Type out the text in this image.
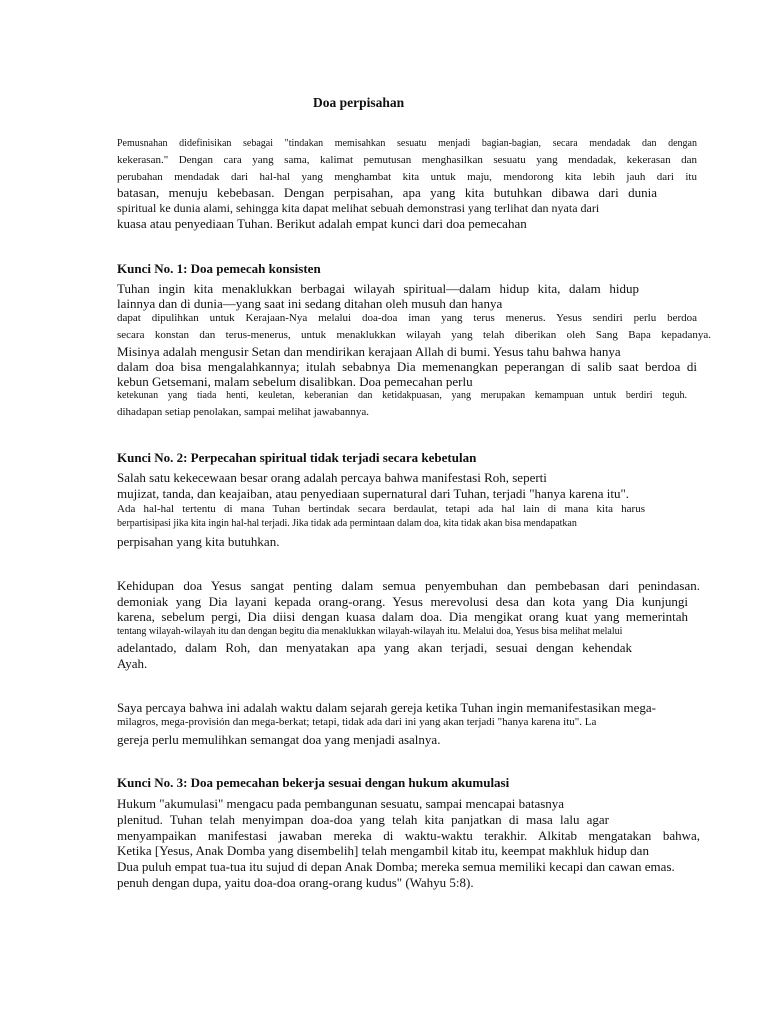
Doa perpisahan
Pemusnahan didefinisikan sebagai "tindakan memisahkan sesuatu menjadi bagian-bagian, secara mendadak dan dengan
kekerasan." Dengan cara yang sama, kalimat pemutusan menghasilkan sesuatu yang mendadak, kekerasan dan
perubahan mendadak dari hal-hal yang menghambat kita untuk maju, mendorong kita lebih jauh dari itu
batasan, menuju kebebasan. Dengan perpisahan, apa yang kita butuhkan dibawa dari dunia
spiritual ke dunia alami, sehingga kita dapat melihat sebuah demonstrasi yang terlihat dan nyata dari
kuasa atau penyediaan Tuhan. Berikut adalah empat kunci dari doa pemecahan
Kunci No. 1: Doa pemecah konsisten
Tuhan ingin kita menaklukkan berbagai wilayah spiritual—dalam hidup kita, dalam hidup
lainnya dan di dunia—yang saat ini sedang ditahan oleh musuh dan hanya
dapat dipulihkan untuk Kerajaan-Nya melalui doa-doa iman yang terus menerus. Yesus sendiri perlu berdoa
secara konstan dan terus-menerus, untuk menaklukkan wilayah yang telah diberikan oleh Sang Bapa kepadanya.
Misinya adalah mengusir Setan dan mendirikan kerajaan Allah di bumi. Yesus tahu bahwa hanya
dalam doa bisa mengalahkannya; itulah sebabnya Dia memenangkan peperangan di salib saat berdoa di
kebun Getsemani, malam sebelum disalibkan. Doa pemecahan perlu
ketekunan yang tiada henti, keuletan, keberanian dan ketidakpuasan, yang merupakan kemampuan untuk berdiri teguh.
dihadapan setiap penolakan, sampai melihat jawabannya.
Kunci No. 2: Perpecahan spiritual tidak terjadi secara kebetulan
Salah satu kekecewaan besar orang adalah percaya bahwa manifestasi Roh, seperti
mujizat, tanda, dan keajaiban, atau penyediaan supernatural dari Tuhan, terjadi "hanya karena itu".
Ada hal-hal tertentu di mana Tuhan bertindak secara berdaulat, tetapi ada hal lain di mana kita harus
berpartisipasi jika kita ingin hal-hal terjadi. Jika tidak ada permintaan dalam doa, kita tidak akan bisa mendapatkan
perpisahan yang kita butuhkan.
Kehidupan doa Yesus sangat penting dalam semua penyembuhan dan pembebasan dari penindasan.
demoniak yang Dia layani kepada orang-orang. Yesus merevolusi desa dan kota yang Dia kunjungi
karena, sebelum pergi, Dia diisi dengan kuasa dalam doa. Dia mengikat orang kuat yang memerintah
tentang wilayah-wilayah itu dan dengan begitu dia menaklukkan wilayah-wilayah itu. Melalui doa, Yesus bisa melihat melalui
adelantado, dalam Roh, dan menyatakan apa yang akan terjadi, sesuai dengan kehendak
Ayah.
Saya percaya bahwa ini adalah waktu dalam sejarah gereja ketika Tuhan ingin memanifestasikan mega-
milagros, mega-provisión dan mega-berkat; tetapi, tidak ada dari ini yang akan terjadi "hanya karena itu". La
gereja perlu memulihkan semangat doa yang menjadi asalnya.
Kunci No. 3: Doa pemecahan bekerja sesuai dengan hukum akumulasi
Hukum "akumulasi" mengacu pada pembangunan sesuatu, sampai mencapai batasnya
plenitud. Tuhan telah menyimpan doa-doa yang telah kita panjatkan di masa lalu agar
menyampaikan manifestasi jawaban mereka di waktu-waktu terakhir. Alkitab mengatakan bahwa,
Ketika [Yesus, Anak Domba yang disembelih] telah mengambil kitab itu, keempat makhluk hidup dan
Dua puluh empat tua-tua itu sujud di depan Anak Domba; mereka semua memiliki kecapi dan cawan emas.
penuh dengan dupa, yaitu doa-doa orang-orang kudus" (Wahyu 5:8).
